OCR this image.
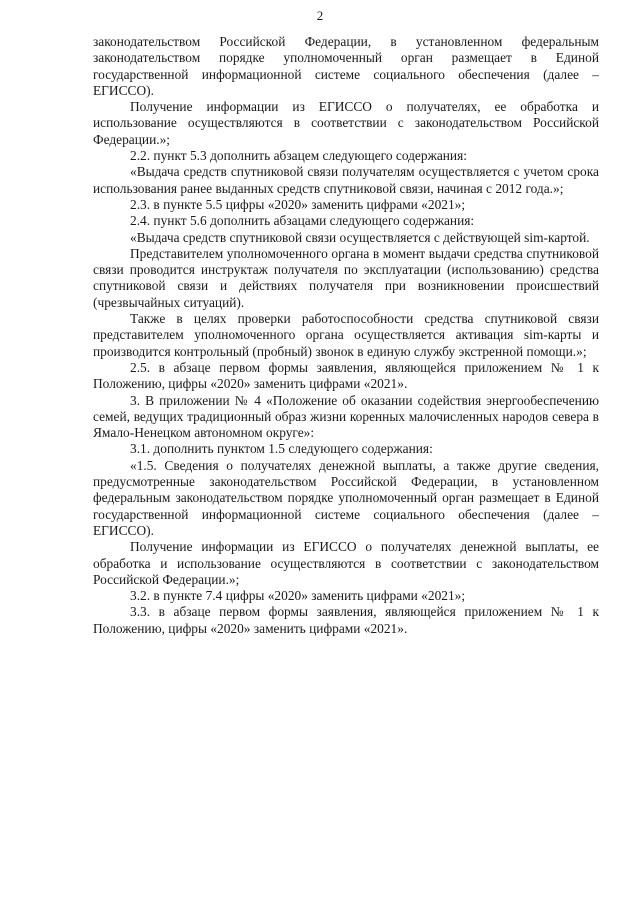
2

законодательством Российской Федерации, в установленном федеральным законодательством порядке уполномоченный орган размещает в Единой государственной информационной системе социального обеспечения (далее – ЕГИССО).

Получение информации из ЕГИССО о получателях, ее обработка и использование осуществляются в соответствии с законодательством Российской Федерации.»;

2.2. пункт 5.3 дополнить абзацем следующего содержания:

«Выдача средств спутниковой связи получателям осуществляется с учетом срока использования ранее выданных средств спутниковой связи, начиная с 2012 года.»;

2.3. в пункте 5.5 цифры «2020» заменить цифрами «2021»;

2.4. пункт 5.6 дополнить абзацами следующего содержания:

«Выдача средств спутниковой связи осуществляется с действующей sim-картой.

Представителем уполномоченного органа в момент выдачи средства спутниковой связи проводится инструктаж получателя по эксплуатации (использованию) средства спутниковой связи и действиях получателя при возникновении происшествий (чрезвычайных ситуаций).

Также в целях проверки работоспособности средства спутниковой связи представителем уполномоченного органа осуществляется активация sim-карты и производится контрольный (пробный) звонок в единую службу экстренной помощи.»;

2.5. в абзаце первом формы заявления, являющейся приложением № 1 к Положению, цифры «2020» заменить цифрами «2021».

3. В приложении № 4 «Положение об оказании содействия энергообеспечению семей, ведущих традиционный образ жизни коренных малочисленных народов севера в Ямало-Ненецком автономном округе»:

3.1. дополнить пунктом 1.5 следующего содержания:

«1.5. Сведения о получателях денежной выплаты, а также другие сведения, предусмотренные законодательством Российской Федерации, в установленном федеральным законодательством порядке уполномоченный орган размещает в Единой государственной информационной системе социального обеспечения (далее – ЕГИССО).

Получение информации из ЕГИССО о получателях денежной выплаты, ее обработка и использование осуществляются в соответствии с законодательством Российской Федерации.»;

3.2. в пункте 7.4 цифры «2020» заменить цифрами «2021»;

3.3. в абзаце первом формы заявления, являющейся приложением № 1 к Положению, цифры «2020» заменить цифрами «2021».
